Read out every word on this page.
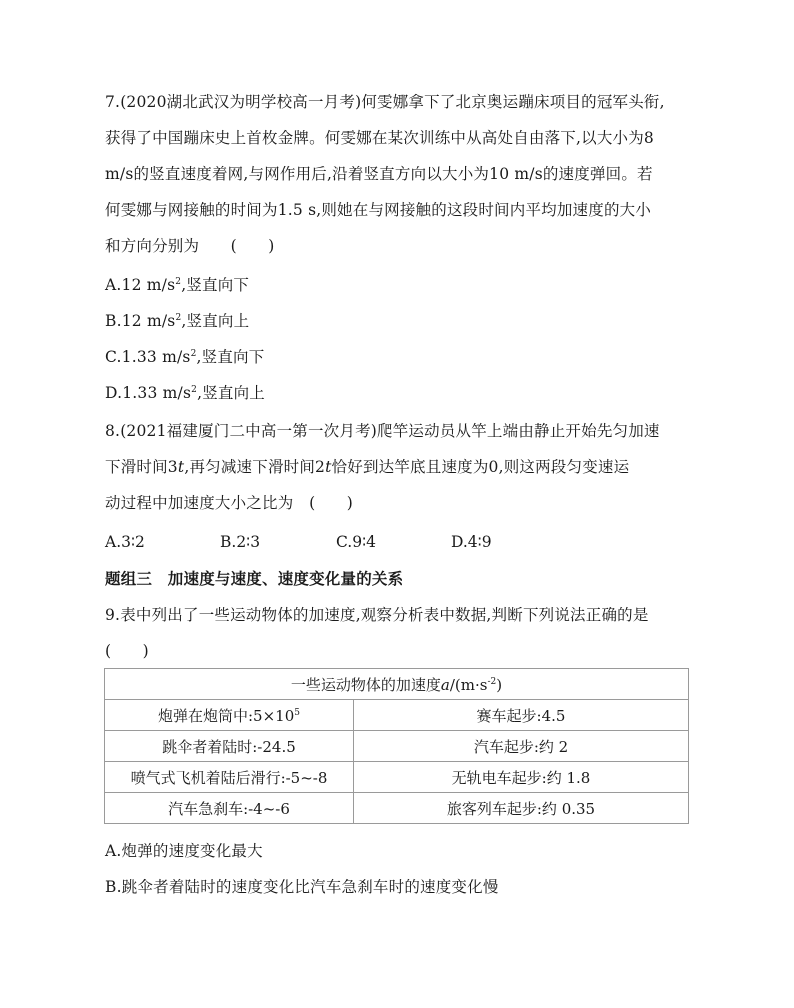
7.(2020湖北武汉为明学校高一月考)何雯娜拿下了北京奥运蹦床项目的冠军头衔,
获得了中国蹦床史上首枚金牌。何雯娜在某次训练中从高处自由落下,以大小为8
m/s的竖直速度着网,与网作用后,沿着竖直方向以大小为10 m/s的速度弹回。若
何雯娜与网接触的时间为1.5 s,则她在与网接触的这段时间内平均加速度的大小
和方向分别为　　(　　)
A.12 $m/s^2$,竖直向下
B.12 $m/s^2$,竖直向上
C.1.33 $m/s^2$,竖直向下
D.1.33 $m/s^2$,竖直向上
8.(2021福建厦门二中高一第一次月考)爬竿运动员从竿上端由静止开始先匀加速
下滑时间3t,再匀减速下滑时间2t恰好到达竿底且速度为0,则这两段匀变速运
动过程中加速度大小之比为　(　　)
A.3∶2	B.2∶3	C.9∶4	D.4∶9
题组三　加速度与速度、速度变化量的关系
9.表中列出了一些运动物体的加速度,观察分析表中数据,判断下列说法正确的是
(　　)
一些运动物体的加速度$a/(m\cdot s^{-2})$	
炮弹在炮筒中$:5\times 10^5$	赛车起步:4.5
跳伞者着陆时:-24.5	汽车起步:约 2
喷气式飞机着陆后滑行:-5~-8	无轨电车起步:约 1.8
汽车急刹车:-4~-6	旅客列车起步:约 0.35
A.炮弹的速度变化最大
B.跳伞者着陆时的速度变化比汽车急刹车时的速度变化慢
